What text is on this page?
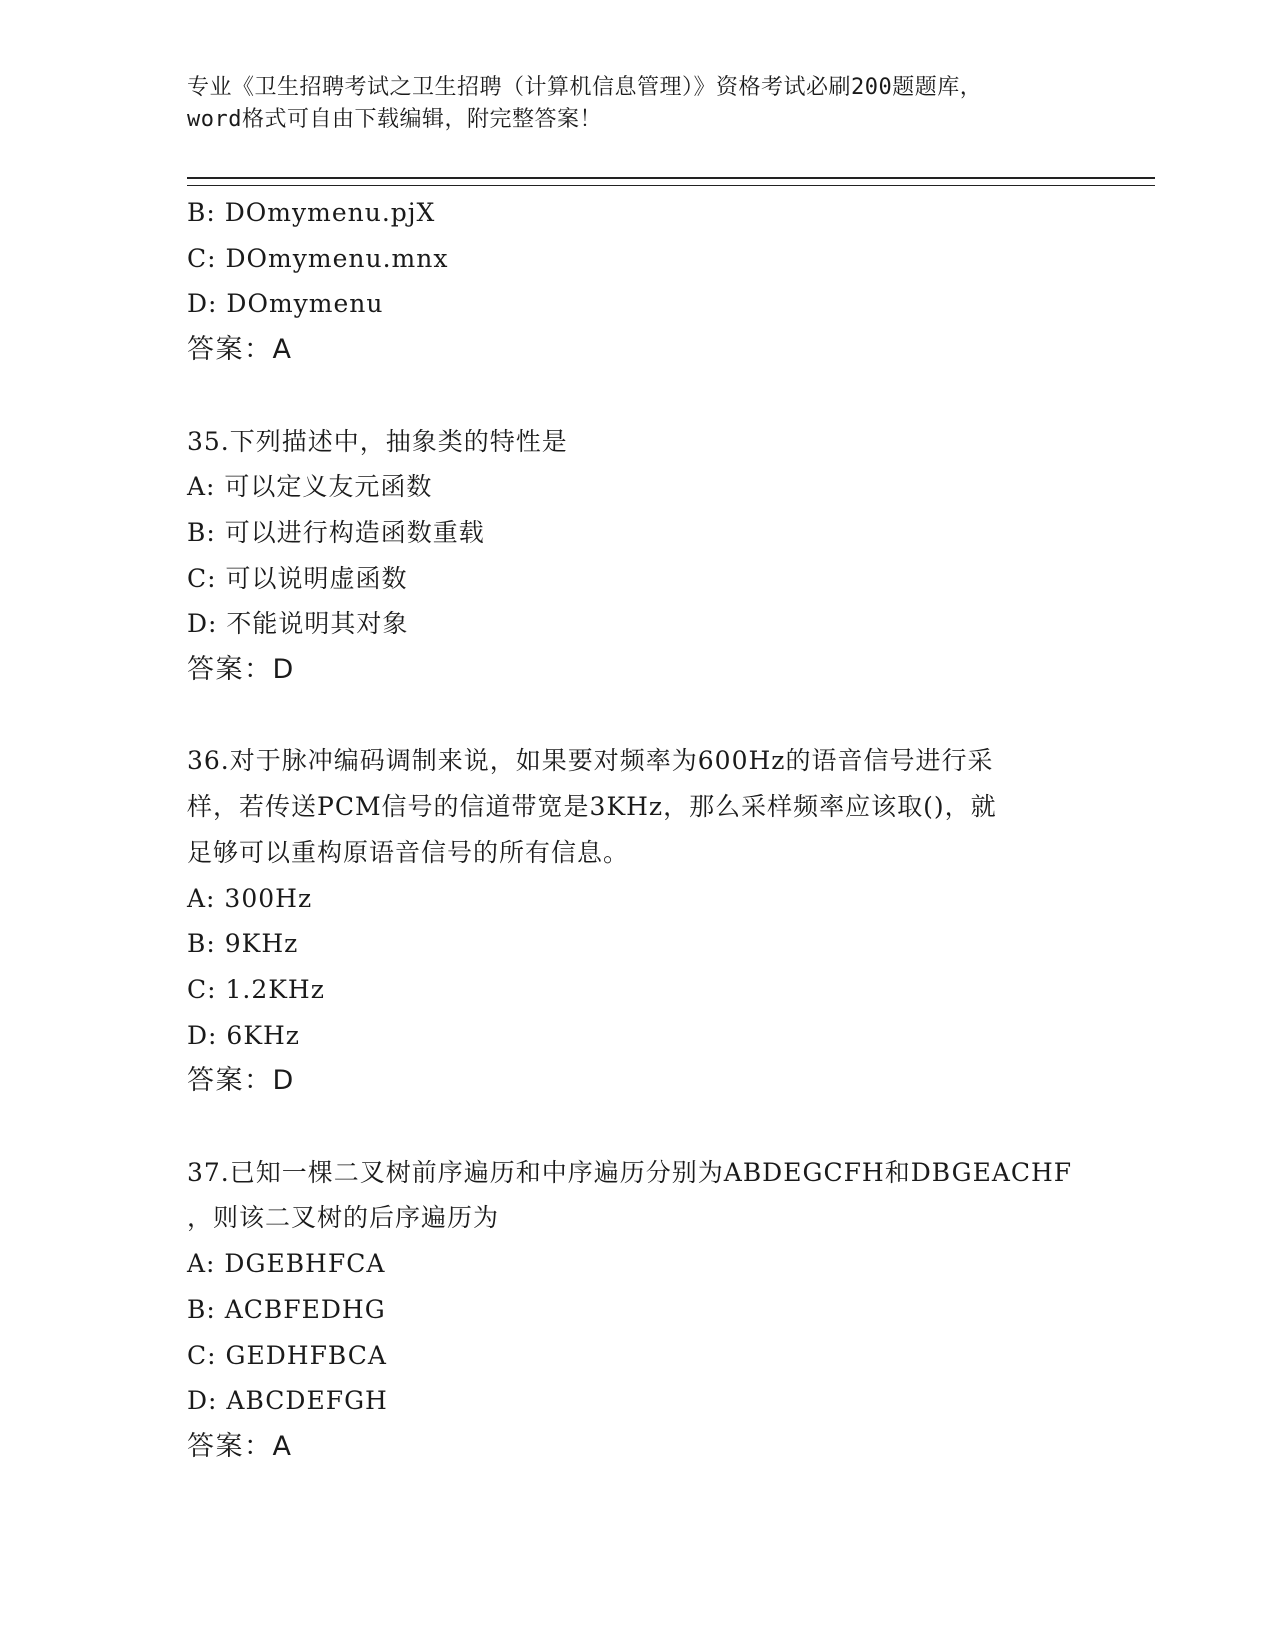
专业《卫生招聘考试之卫生招聘（计算机信息管理）》资格考试必刷200题题库，
word格式可自由下载编辑，附完整答案！
B: DOmymenu.pjX
C: DOmymenu.mnx
D: DOmymenu
答案：A
35.下列描述中，抽象类的特性是
A: 可以定义友元函数
B: 可以进行构造函数重载
C: 可以说明虚函数
D: 不能说明其对象
答案：D
36.对于脉冲编码调制来说，如果要对频率为600Hz的语音信号进行采
样，若传送PCM信号的信道带宽是3KHz，那么采样频率应该取()，就
足够可以重构原语音信号的所有信息。
A: 300Hz
B: 9KHz
C: 1.2KHz
D: 6KHz
答案：D
37.已知一棵二叉树前序遍历和中序遍历分别为ABDEGCFH和DBGEACHF
，则该二叉树的后序遍历为
A: DGEBHFCA
B: ACBFEDHG
C: GEDHFBCA
D: ABCDEFGH
答案：A
